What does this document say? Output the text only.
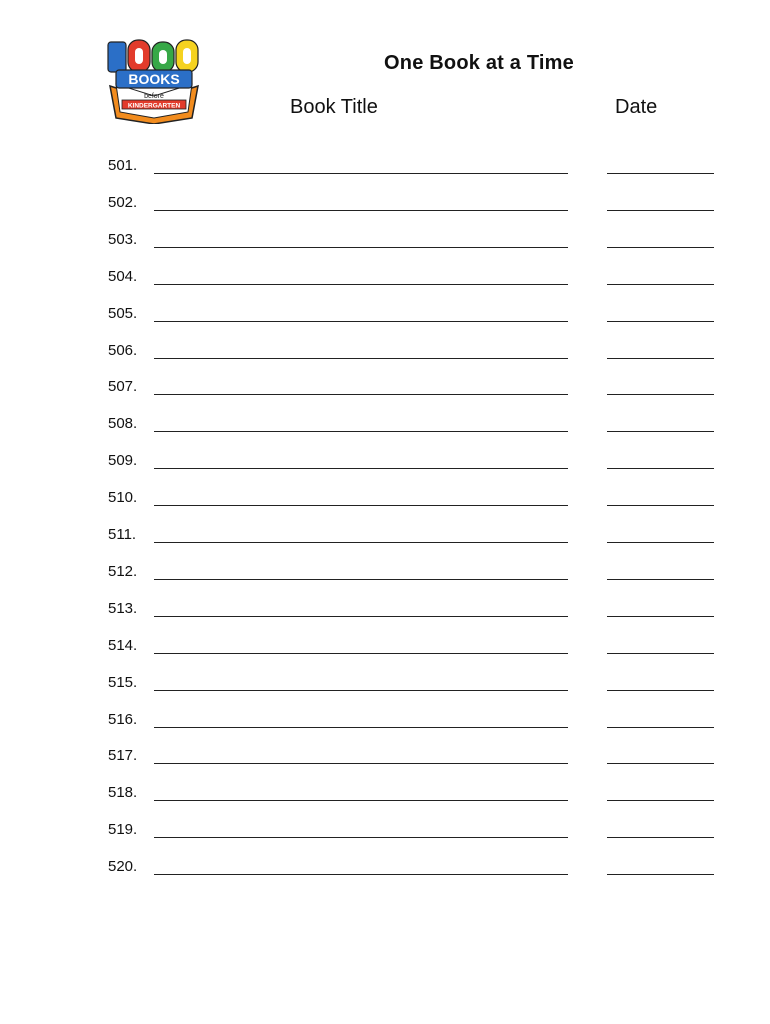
BOOKS
before
KINDERGARTEN
One Book at a Time
Book Title	Date
501.
502.
503.
504.
505.
506.
507.
508.
509.
510.
511.
512.
513.
514.
515.
516.
517.
518.
519.
520.
